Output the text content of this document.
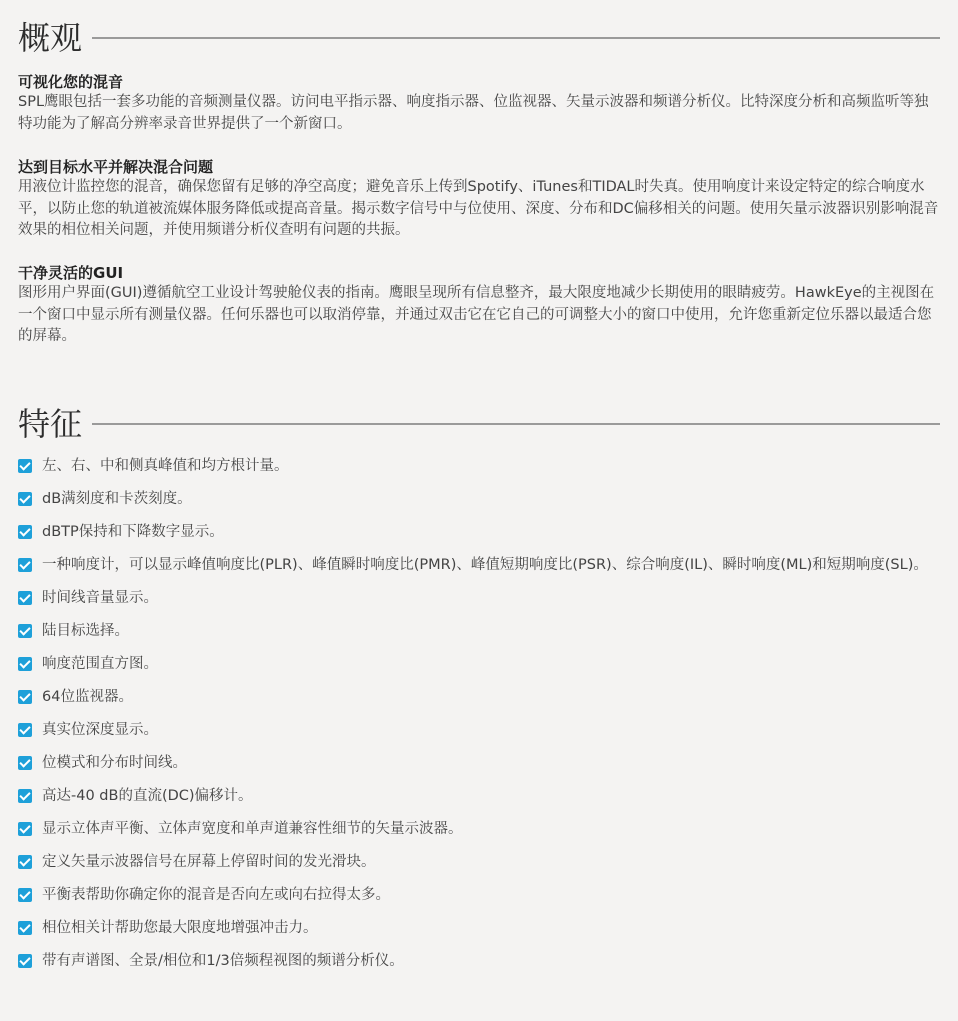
概观

可视化您的混音

SPL鹰眼包括一套多功能的音频测量仪器。访问电平指示器、响度指示器、位监视器、矢量示波器和频谱分析仪。比特深度分析和高频监听等独特功能为了解高分辨率录音世界提供了一个新窗口。

达到目标水平并解决混合问题

用液位计监控您的混音，确保您留有足够的净空高度；避免音乐上传到Spotify、iTunes和TIDAL时失真。使用响度计来设定特定的综合响度水平，以防止您的轨道被流媒体服务降低或提高音量。揭示数字信号中与位使用、深度、分布和DC偏移相关的问题。使用矢量示波器识别影响混音效果的相位相关问题，并使用频谱分析仪查明有问题的共振。

干净灵活的GUI

图形用户界面(GUI)遵循航空工业设计驾驶舱仪表的指南。鹰眼呈现所有信息整齐，最大限度地减少长期使用的眼睛疲劳。HawkEye的主视图在一个窗口中显示所有测量仪器。任何乐器也可以取消停靠，并通过双击它在它自己的可调整大小的窗口中使用，允许您重新定位乐器以最适合您的屏幕。

特征
左、右、中和侧真峰值和均方根计量。
dB满刻度和卡茨刻度。
dBTP保持和下降数字显示。
一种响度计，可以显示峰值响度比(PLR)、峰值瞬时响度比(PMR)、峰值短期响度比(PSR)、综合响度(IL)、瞬时响度(ML)和短期响度(SL)。
时间线音量显示。
陆目标选择。
响度范围直方图。
64位监视器。
真实位深度显示。
位模式和分布时间线。
高达-40 dB的直流(DC)偏移计。
显示立体声平衡、立体声宽度和单声道兼容性细节的矢量示波器。
定义矢量示波器信号在屏幕上停留时间的发光滑块。
平衡表帮助你确定你的混音是否向左或向右拉得太多。
相位相关计帮助您最大限度地增强冲击力。
带有声谱图、全景/相位和1/3倍频程视图的频谱分析仪。
